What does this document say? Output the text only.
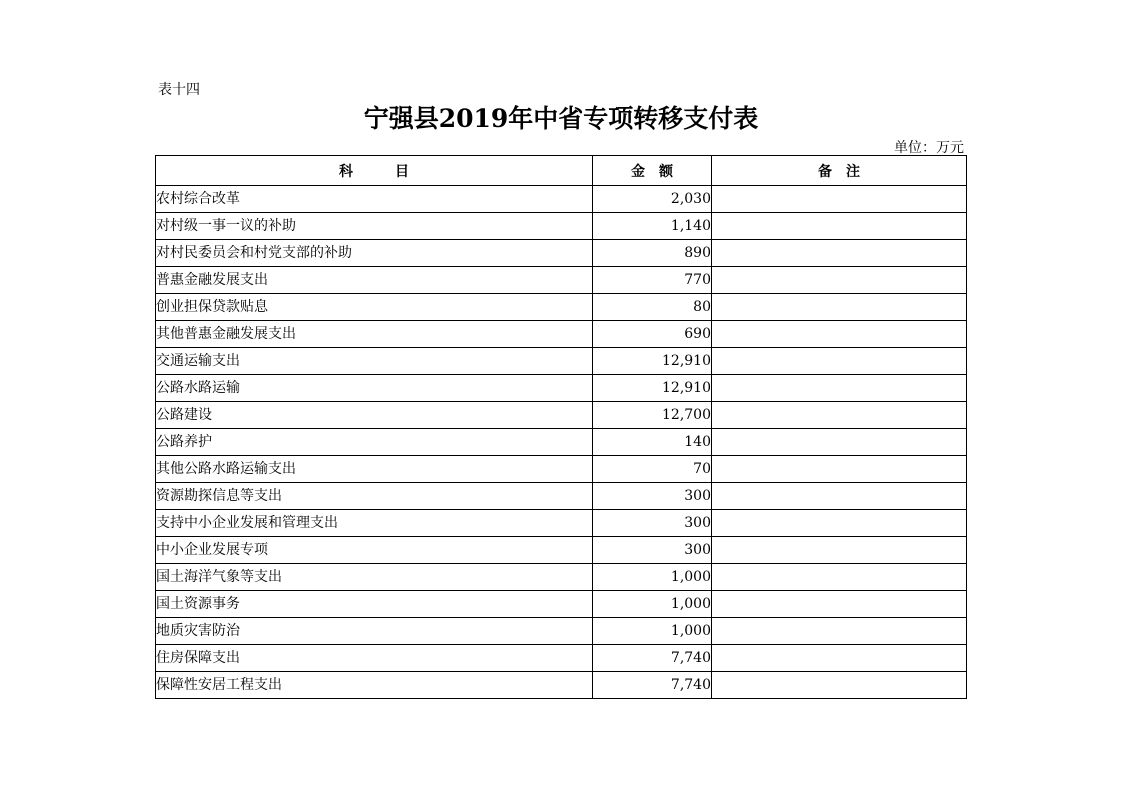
表十四
宁强县2019年中省专项转移支付表
单位：万元
科　　　目	金　额	备　注
农村综合改革	2,030	
对村级一事一议的补助	1,140	
对村民委员会和村党支部的补助	890	
普惠金融发展支出	770	
创业担保贷款贴息	80	
其他普惠金融发展支出	690	
交通运输支出	12,910	
公路水路运输	12,910	
公路建设	12,700	
公路养护	140	
其他公路水路运输支出	70	
资源勘探信息等支出	300	
支持中小企业发展和管理支出	300	
中小企业发展专项	300	
国土海洋气象等支出	1,000	
国土资源事务	1,000	
地质灾害防治	1,000	
住房保障支出	7,740	
保障性安居工程支出	7,740	
